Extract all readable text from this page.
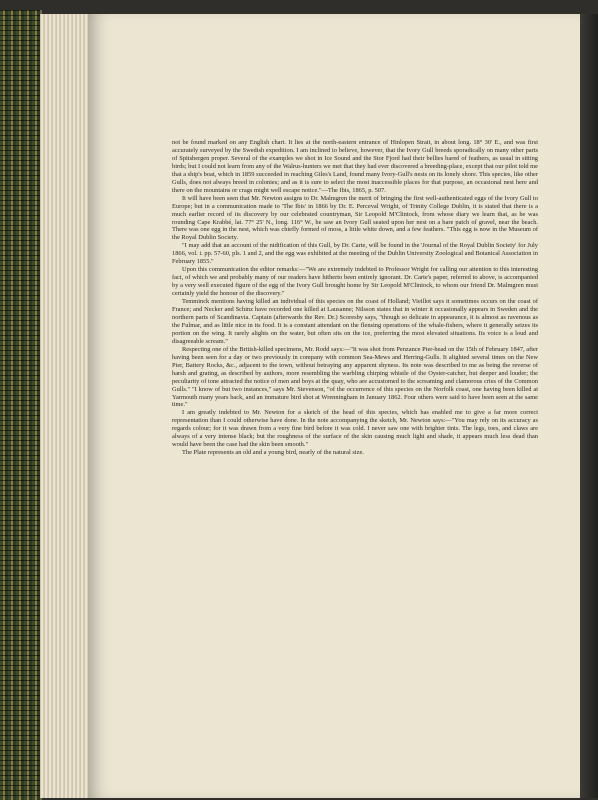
not be found marked on any English chart. It lies at the north-eastern entrance of Hinlopen Strait, in about long. 18° 30' E., and was first accurately surveyed by the Swedish expedition. I am inclined to believe, however, that the Ivory Gull breeds sporadically on many other parts of Spitsbergen proper. Several of the examples we shot in Ice Sound and the Stor Fjord had their bellies bared of feathers, as usual in sitting birds; but I could not learn from any of the Walrus-hunters we met that they had ever discovered a breeding-place, except that our pilot told me that a ship's boat, which in 1859 succeeded in reaching Giles's Land, found many Ivory-Gull's nests on its lonely shore. This species, like other Gulls, does not always breed in colonies; and as it is sure to select the most inaccessible places for that purpose, an occasional nest here and there on the mountains or crags might well escape notice."—The Ibis, 1865, p. 507.

It will have been seen that Mr. Newton assigns to Dr. Malmgren the merit of bringing the first well-authenticated eggs of the Ivory Gull to Europe; but in a communication made to 'The Ibis' in 1866 by Dr. E. Perceval Wright, of Trinity College Dublin, it is stated that there is a much earlier record of its discovery by our celebrated countryman, Sir Leopold M'Clintock, from whose diary we learn that, as he was rounding Cape Krabbé, lat. 77° 25' N., long. 116° W., he saw an Ivory Gull seated upon her nest on a bare patch of gravel, near the beach. There was one egg in the nest, which was chiefly formed of moss, a little white down, and a few feathers. "This egg is now in the Museum of the Royal Dublin Society.

"I may add that an account of the nidification of this Gull, by Dr. Carte, will be found in the 'Journal of the Royal Dublin Society' for July 1866, vol. i. pp. 57-60, pls. 1 and 2, and the egg was exhibited at the meeting of the Dublin University Zoological and Botanical Association in February 1855."

Upon this communication the editor remarks:—"We are extremely indebted to Professor Wright for calling our attention to this interesting fact, of which we and probably many of our readers have hitherto been entirely ignorant. Dr. Carte's paper, referred to above, is accompanied by a very well executed figure of the egg of the Ivory Gull brought home by Sir Leopold M'Clintock, to whom our friend Dr. Malmgren must certainly yield the honour of the discovery."

Temminck mentions having killed an individual of this species on the coast of Holland; Vieillot says it sometimes occurs on the coast of France; and Necker and Schinz have recorded one killed at Lausanne; Nilsson states that in winter it occasionally appears in Sweden and the northern parts of Scandinavia. Captain (afterwards the Rev. Dr.) Scoresby says, "though so delicate in appearance, it is almost as ravenous as the Fulmar, and as little nice in its food. It is a constant attendant on the flensing operations of the whale-fishers, where it generally seizes its portion on the wing. It rarely alights on the water, but often sits on the ice, preferring the most elevated situations. Its voice is a loud and disagreeable scream."

Respecting one of the British-killed specimens, Mr. Rodd says:—"It was shot from Penzance Pier-head on the 15th of February 1847, after having been seen for a day or two previously in company with common Sea-Mews and Herring-Gulls. It alighted several times on the New Pier, Battery Rocks, &c., adjacent to the town, without betraying any apparent shyness. Its note was described to me as being the reverse of harsh and grating, as described by authors, more resembling the warbling chirping whistle of the Oyster-catcher, but deeper and louder; the peculiarity of tone attracted the notice of men and boys at the quay, who are accustomed to the screaming and clamorous cries of the Common Gulls." "I know of but two instances," says Mr. Stevenson, "of the occurrence of this species on the Norfolk coast, one having been killed at Yarmouth many years back, and an immature bird shot at Wrenningham in January 1862. Four others were said to have been seen at the same time."

I am greatly indebted to Mr. Newton for a sketch of the head of this species, which has enabled me to give a far more correct representation than I could otherwise have done. In the note accompanying the sketch, Mr. Newton says:—"You may rely on its accuracy as regards colour; for it was drawn from a very fine bird before it was cold. I never saw one with brighter tints. The legs, toes, and claws are always of a very intense black; but the roughness of the surface of the skin causing much light and shade, it appears much less dead than would have been the case had the skin been smooth."

The Plate represents an old and a young bird, nearly of the natural size.
